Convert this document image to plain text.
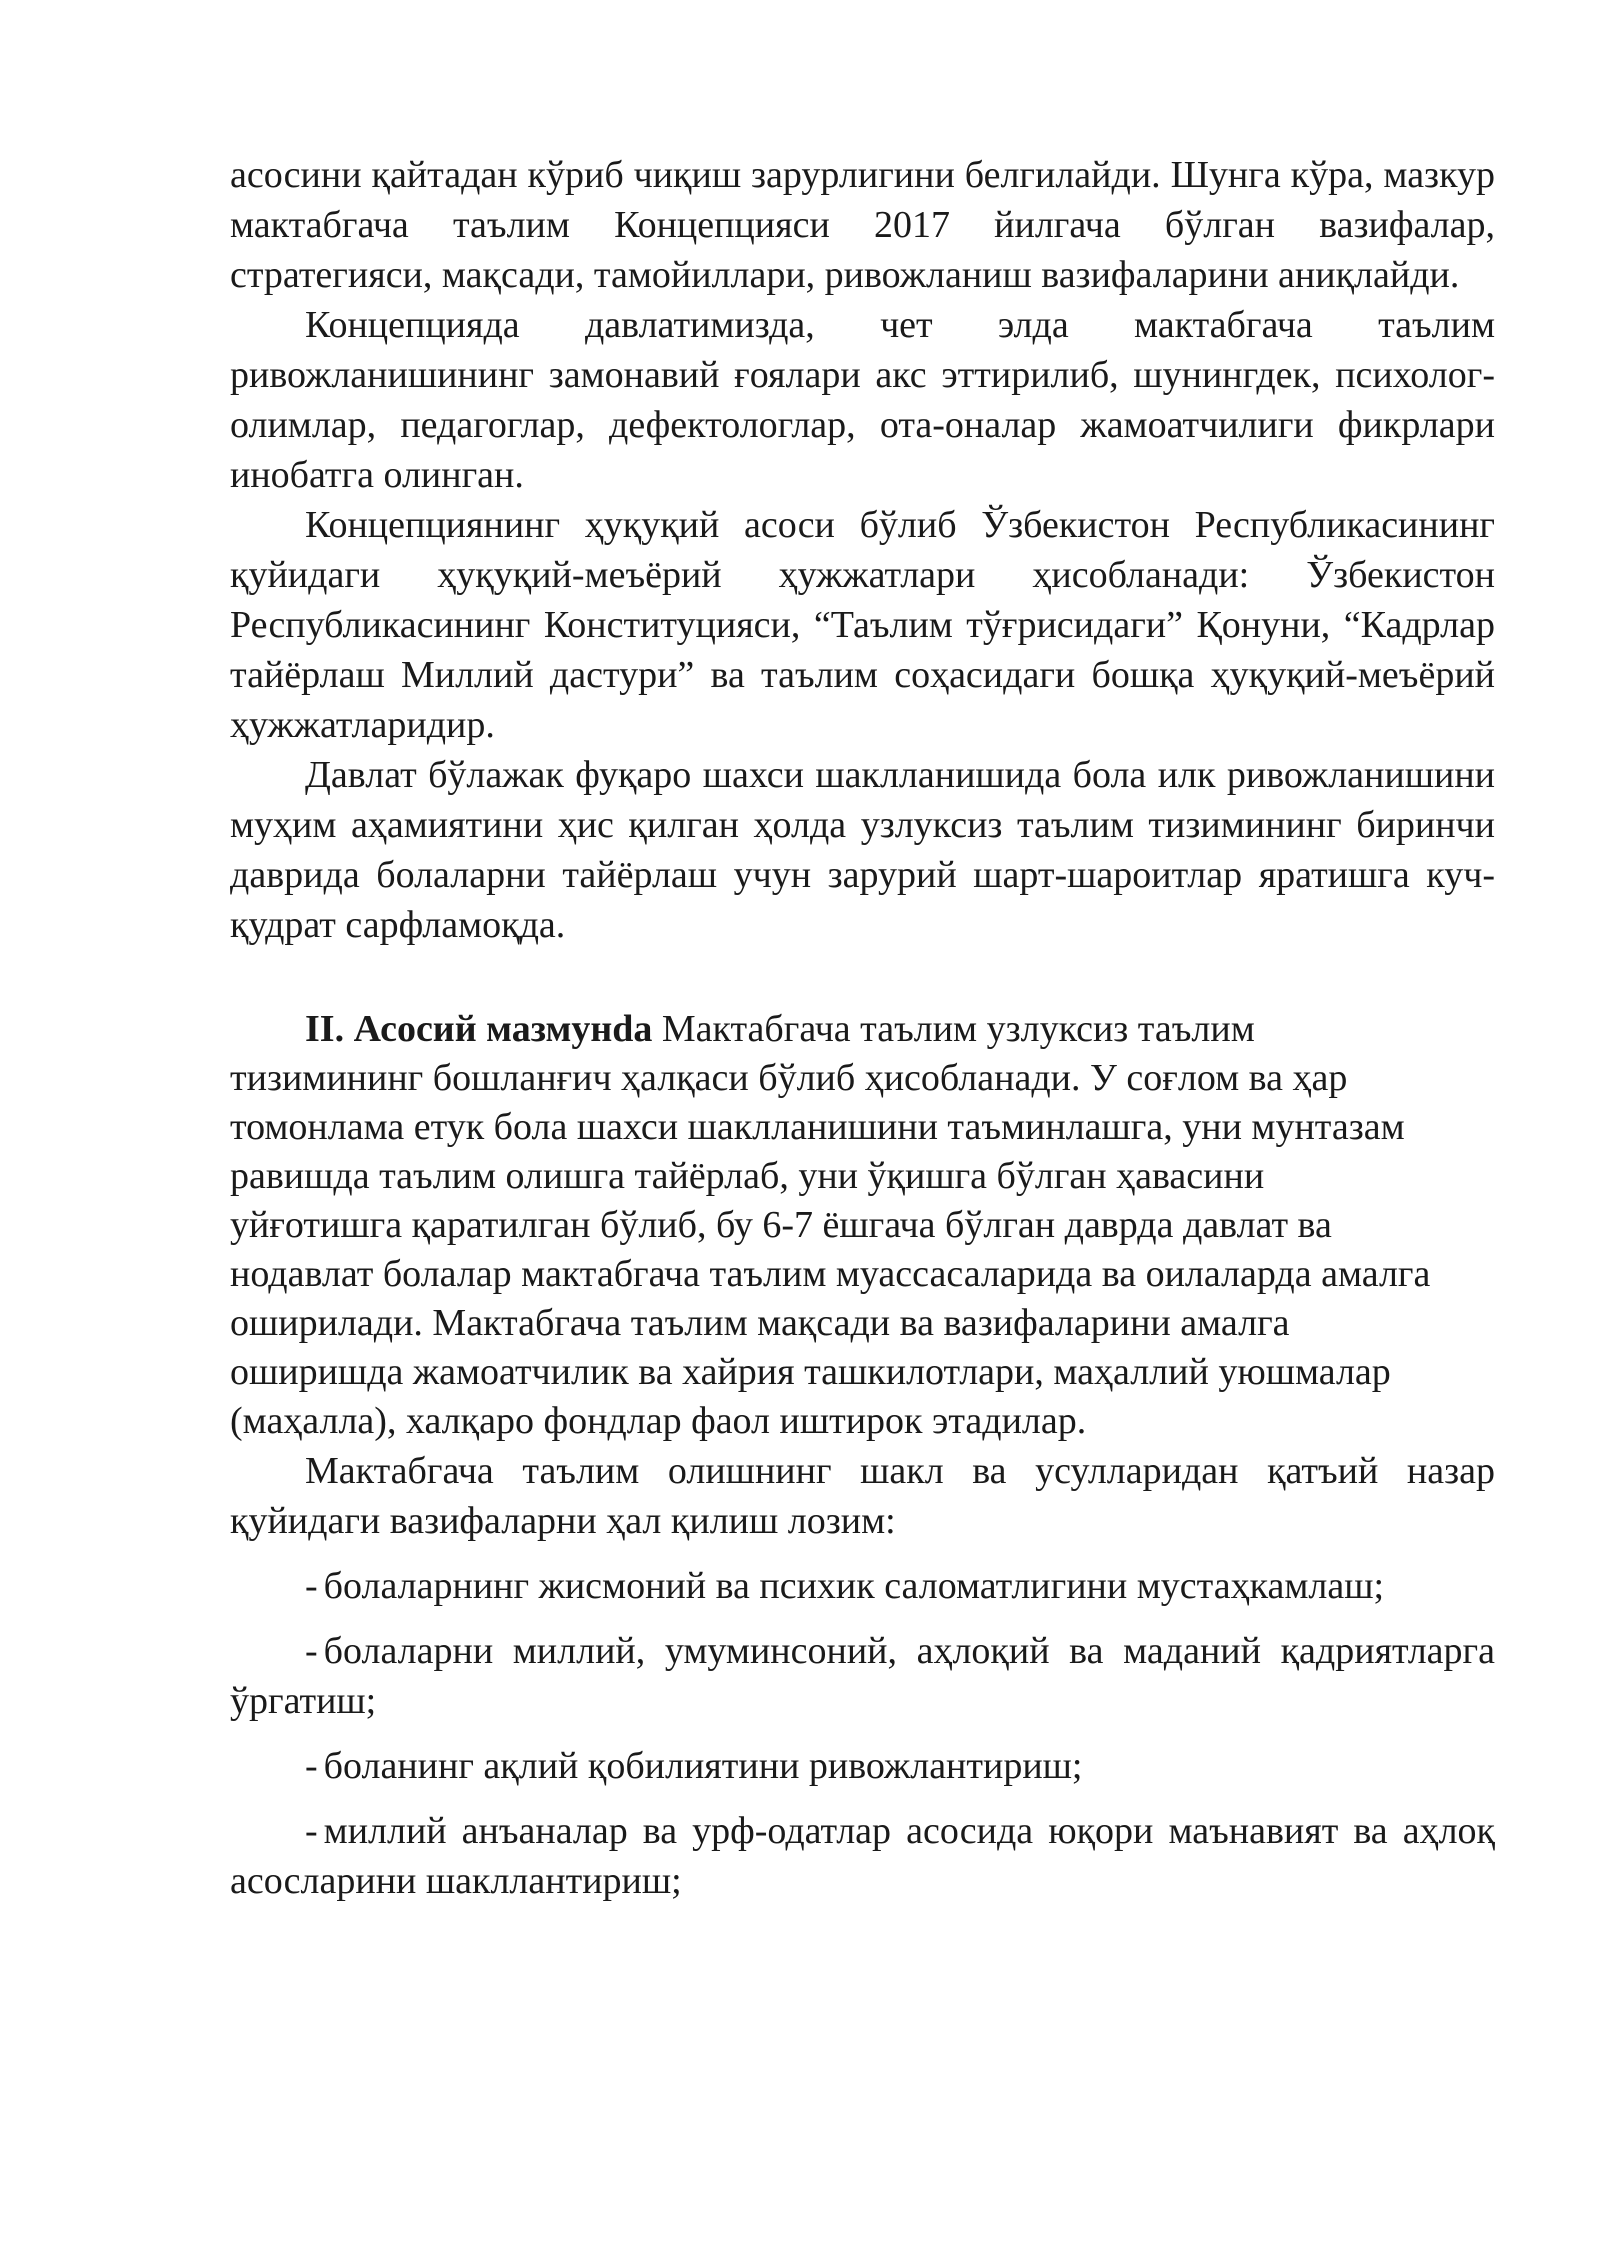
асосини қайтадан кўриб чиқиш зарурлигини белгилайди. Шунга кўра, мазкур мактабгача таълим Концепцияси 2017 йилгача бўлган вазифалар, стратегияси, мақсади, тамойиллари, ривожланиш вазифаларини аниқлайди.

Концепцияда давлатимизда, чет элда мактабгача таълим ривожланишининг замонавий ғоялари акс эттирилиб, шунингдек, психолог-олимлар, педагоглар, дефектологлар, ота-оналар жамоатчилиги фикрлари инобатга олинган.

Концепциянинг ҳуқуқий асоси бўлиб Ўзбекистон Республикасининг қуйидаги ҳуқуқий-меъёрий ҳужжатлари ҳисобланади: Ўзбекистон Республикасининг Конституцияси, “Таълим тўғрисидаги” Қонуни, “Кадрлар тайёрлаш Миллий дастури” ва таълим соҳасидаги бошқа ҳуқуқий-меъёрий ҳужжатларидир.

Давлат бўлажак фуқаро шахси шаклланишида бола илк ривожланишини муҳим аҳамиятини ҳис қилган ҳолда узлуксиз таълим тизимининг биринчи даврида болаларни тайёрлаш учун зарурий шарт-шароитлар яратишга куч-қудрат сарфламоқда.

II. Асосий мазмунda Мактабгача таълим узлуксиз таълим тизимининг бошланғич ҳалқаси бўлиб ҳисобланади. У соғлом ва ҳар томонлама етук бола шахси шаклланишини таъминлашга, уни мунтазам равишда таълим олишга тайёрлаб, уни ўқишга бўлган ҳавасини уйғотишга қаратилган бўлиб, бу 6-7 ёшгача бўлган даврда давлат ва нодавлат болалар мактабгача таълим муассасаларида ва оилаларда амалга оширилади. Мактабгача таълим мақсади ва вазифаларини амалга оширишда жамоатчилик ва хайрия ташкилотлари, маҳаллий уюшмалар (маҳалла), халқаро фондлар фаол иштирок этадилар.

Мактабгача таълим олишнинг шакл ва усулларидан қатъий назар қуйидаги вазифаларни ҳал қилиш лозим:

- болаларнинг жисмоний ва психик саломатлигини мустаҳкамлаш;

- болаларни миллий, умуминсоний, аҳлоқий ва маданий қадриятларга ўргатиш;

- боланинг ақлий қобилиятини ривожлантириш;

- миллий анъаналар ва урф-одатлар асосида юқори маънавият ва аҳлоқ асосларини шакллантириш;
